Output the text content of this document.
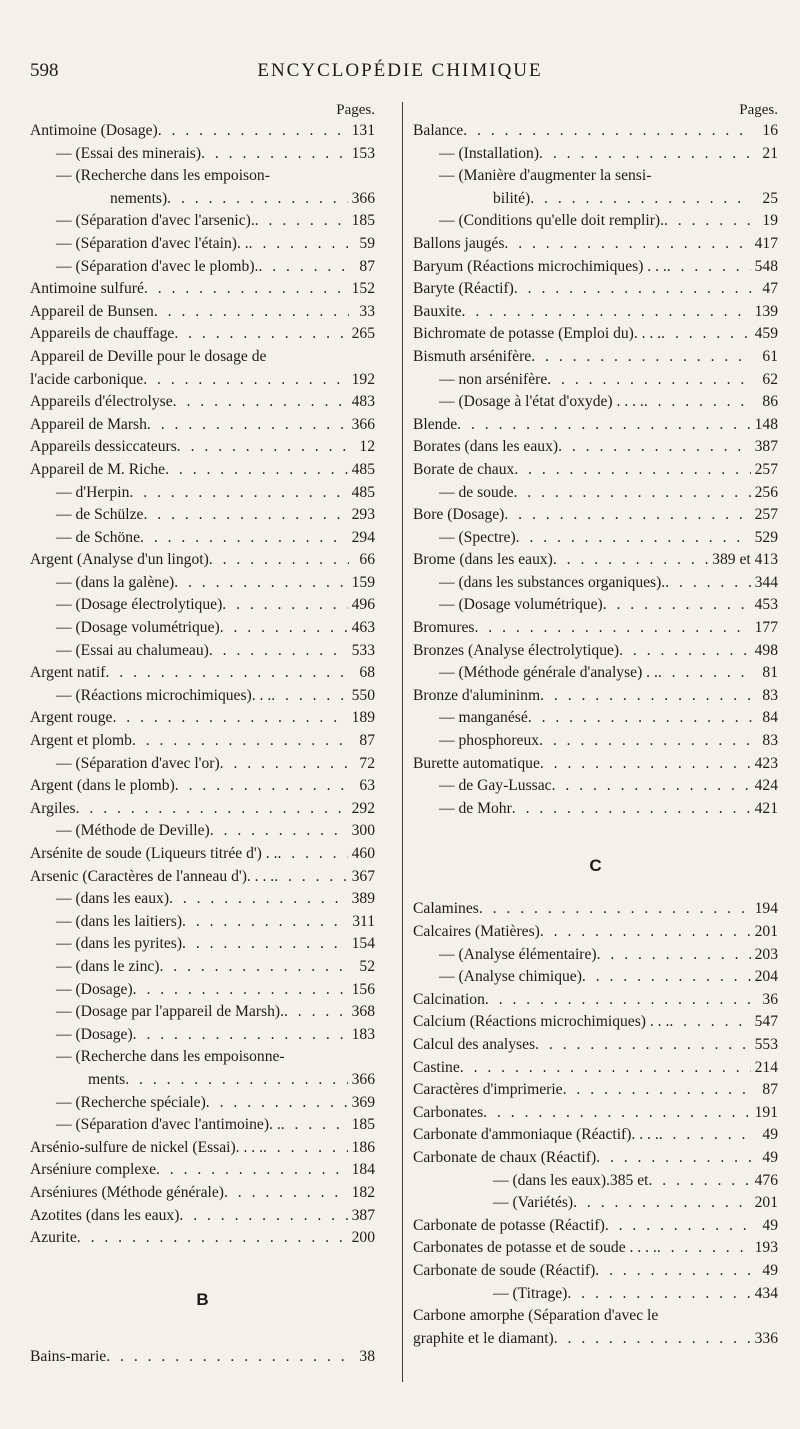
598	ENCYCLOPÉDIE CHIMIQUE
Pages.
Antimoine (Dosage) . . .	131
— (Essai des minerais) . . .	153
— (Recherche dans les empoison-
nements) . . .	366
— (Séparation d'avec l'arsenic). . . .	185
— (Séparation d'avec l'étain). . . . .	59
— (Séparation d'avec le plomb). . . .	87
Antimoine sulfuré . . .	152
Appareil de Bunsen . . .	33
Appareils de chauffage . . .	265
Appareil de Deville pour le dosage de
l'acide carbonique . . .	192
Appareils d'électrolyse . . .	483
Appareil de Marsh . . .	366
Appareils dessiccateurs . . .	12
Appareil de M. Riche . . .	485
— d'Herpin . . .	485
— de Schülze . . .	293
— de Schöne . . .	294
Argent (Analyse d'un lingot) . . .	66
— (dans la galène) . . .	159
— (Dosage électrolytique) . . .	496
— (Dosage volumétrique) . . .	463
— (Essai au chalumeau) . . .	533
Argent natif . . .	68
— (Réactions microchimiques). . . . . .	550
Argent rouge . . .	189
Argent et plomb . . .	87
— (Séparation d'avec l'or) . . .	72
Argent (dans le plomb) . . .	63
Argiles . . .	292
— (Méthode de Deville) . . .	300
Arsénite de soude (Liqueurs titrée d') . . . . .	460
Arsenic (Caractères de l'anneau d'). . . . . . .	367
— (dans les eaux) . . .	389
— (dans les laitiers) . . .	311
— (dans les pyrites) . . .	154
— (dans le zinc) . . .	52
— (Dosage) . . .	156
— (Dosage par l'appareil de Marsh). . . .	368
— (Dosage) . . .	183
— (Recherche dans les empoisonne-
ments . . .	366
— (Recherche spéciale) . . .	369
— (Séparation d'avec l'antimoine). . . . .	185
Arsénio-sulfure de nickel (Essai). . . . . . .	186
Arséniure complexe . . .	184
Arséniures (Méthode générale) . . .	182
Azotites (dans les eaux) . . .	387
Azurite . . .	200
B
Bains-marie . . .	38
Pages.
Balance . . .	16
— (Installation) . . .	21
— (Manière d'augmenter la sensi-
bilité) . . .	25
— (Conditions qu'elle doit remplir). . . .	19
Ballons jaugés . . .	417
Baryum (Réactions microchimiques) . . . . . .	548
Baryte (Réactif) . . .	47
Bauxite . . .	139
Bichromate de potasse (Emploi du). . . . . . .	459
Bismuth arsénifère . . .	61
— non arsénifère . . .	62
— (Dosage à l'état d'oxyde) . . . . . . .	86
Blende . . .	148
Borates (dans les eaux) . . .	387
Borate de chaux . . .	257
— de soude . . .	256
Bore (Dosage) . . .	257
— (Spectre) . . .	529
Brome (dans les eaux) . . .	389 et 413
— (dans les substances organiques). . . .	344
— (Dosage volumétrique) . . .	453
Bromures . . .	177
Bronzes (Analyse électrolytique) . . .	498
— (Méthode générale d'analyse) . . . . .	81
Bronze d'alumininm . . .	83
— manganésé . . .	84
— phosphoreux . . .	83
Burette automatique . . .	423
— de Gay-Lussac . . .	424
— de Mohr . . .	421
C
Calamines . . .	194
Calcaires (Matières) . . .	201
— (Analyse élémentaire) . . .	203
— (Analyse chimique) . . .	204
Calcination . . .	36
Calcium (Réactions microchimiques) . . . . . .	547
Calcul des analyses . . .	553
Castine . . .	214
Caractères d'imprimerie . . .	87
Carbonates . . .	191
Carbonate d'ammoniaque (Réactif). . . . . . .	49
Carbonate de chaux (Réactif) . . .	49
— (dans les eaux).385 et . . .	476
— (Variétés) . . .	201
Carbonate de potasse (Réactif) . . .	49
Carbonates de potasse et de soude . . . . . . .	193
Carbonate de soude (Réactif) . . .	49
— (Titrage) . . .	434
Carbone amorphe (Séparation d'avec le
graphite et le diamant) . . .	336
